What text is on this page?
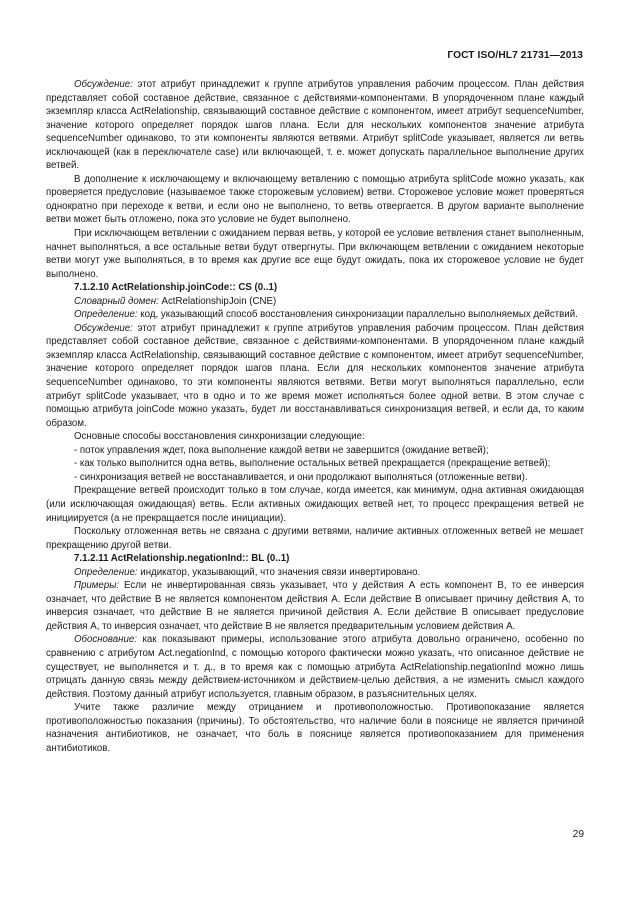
ГОСТ ISO/HL7 21731—2013

Обсуждение: этот атрибут принадлежит к группе атрибутов управления рабочим процессом. План действия представляет собой составное действие, связанное с действиями-компонентами. В упорядоченном плане каждый экземпляр класса ActRelationship, связывающий составное действие с компонентом, имеет атрибут sequenceNumber, значение которого определяет порядок шагов плана. Если для нескольких компонентов значение атрибута sequenceNumber одинаково, то эти компоненты являются ветвями. Атрибут splitCode указывает, является ли ветвь исключающей (как в переключателе case) или включающей, т. е. может допускать параллельное выполнение других ветвей.

В дополнение к исключающему и включающему ветвлению с помощью атрибута splitCode можно указать, как проверяется предусловие (называемое также сторожевым условием) ветви. Сторожевое условие может проверяться однократно при переходе к ветви, и если оно не выполнено, то ветвь отвергается. В другом варианте выполнение ветви может быть отложено, пока это условие не будет выполнено.

При исключающем ветвлении с ожиданием первая ветвь, у которой ее условие ветвления станет выполненным, начнет выполняться, а все остальные ветви будут отвергнуты. При включающем ветвлении с ожиданием некоторые ветви могут уже выполняться, в то время как другие все еще будут ожидать, пока их сторожевое условие не будет выполнено.

7.1.2.10 ActRelationship.joinCode:: CS (0..1)

Словарный домен: ActRelationshipJoin (CNE)

Определение: код, указывающий способ восстановления синхронизации параллельно выполняемых действий.

Обсуждение: этот атрибут принадлежит к группе атрибутов управления рабочим процессом. План действия представляет собой составное действие, связанное с действиями-компонентами. В упорядоченном плане каждый экземпляр класса ActRelationship, связывающий составное действие с компонентом, имеет атрибут sequenceNumber, значение которого определяет порядок шагов плана. Если для нескольких компонентов значение атрибута sequenceNumber одинаково, то эти компоненты являются ветвями. Ветви могут выполняться параллельно, если атрибут splitCode указывает, что в одно и то же время может исполняться более одной ветви. В этом случае с помощью атрибута joinCode можно указать, будет ли восстанавливаться синхронизация ветвей, и если да, то каким образом.

Основные способы восстановления синхронизации следующие:

- поток управления ждет, пока выполнение каждой ветви не завершится (ожидание ветвей);

- как только выполнится одна ветвь, выполнение остальных ветвей прекращается (прекращение ветвей);

- синхронизация ветвей не восстанавливается, и они продолжают выполняться (отложенные ветви).

Прекращение ветвей происходит только в том случае, когда имеется, как минимум, одна активная ожидающая (или исключающая ожидающая) ветвь. Если активных ожидающих ветвей нет, то процесс прекращения ветвей не инициируется (а не прекращается после инициации).

Поскольку отложенная ветвь не связана с другими ветвями, наличие активных отложенных ветвей не мешает прекращению другой ветви.

7.1.2.11 ActRelationship.negationInd:: BL (0..1)

Определение: индикатор, указывающий, что значения связи инвертировано.

Примеры: Если не инвертированная связь указывает, что у действия А есть компонент В, то ее инверсия означает, что действие В не является компонентом действия А. Если действие В описывает причину действия А, то инверсия означает, что действие В не является причиной действия А. Если действие В описывает предусловие действия А, то инверсия означает, что действие В не является предварительным условием действия А.

Обоснование: как показывают примеры, использование этого атрибута довольно ограничено, особенно по сравнению с атрибутом Act.negationInd, с помощью которого фактически можно указать, что описанное действие не существует, не выполняется и т. д., в то время как с помощью атрибута ActRelationship.negationInd можно лишь отрицать данную связь между действием-источником и действием-целью действия, а не изменить смысл каждого действия. Поэтому данный атрибут используется, главным образом, в разъяснительных целях.

Учите также различие между отрицанием и противоположностью. Противопоказание является противоположностью показания (причины). То обстоятельство, что наличие боли в пояснице не является причиной назначения антибиотиков, не означает, что боль в пояснице является противопоказанием для применения антибиотиков.

29
